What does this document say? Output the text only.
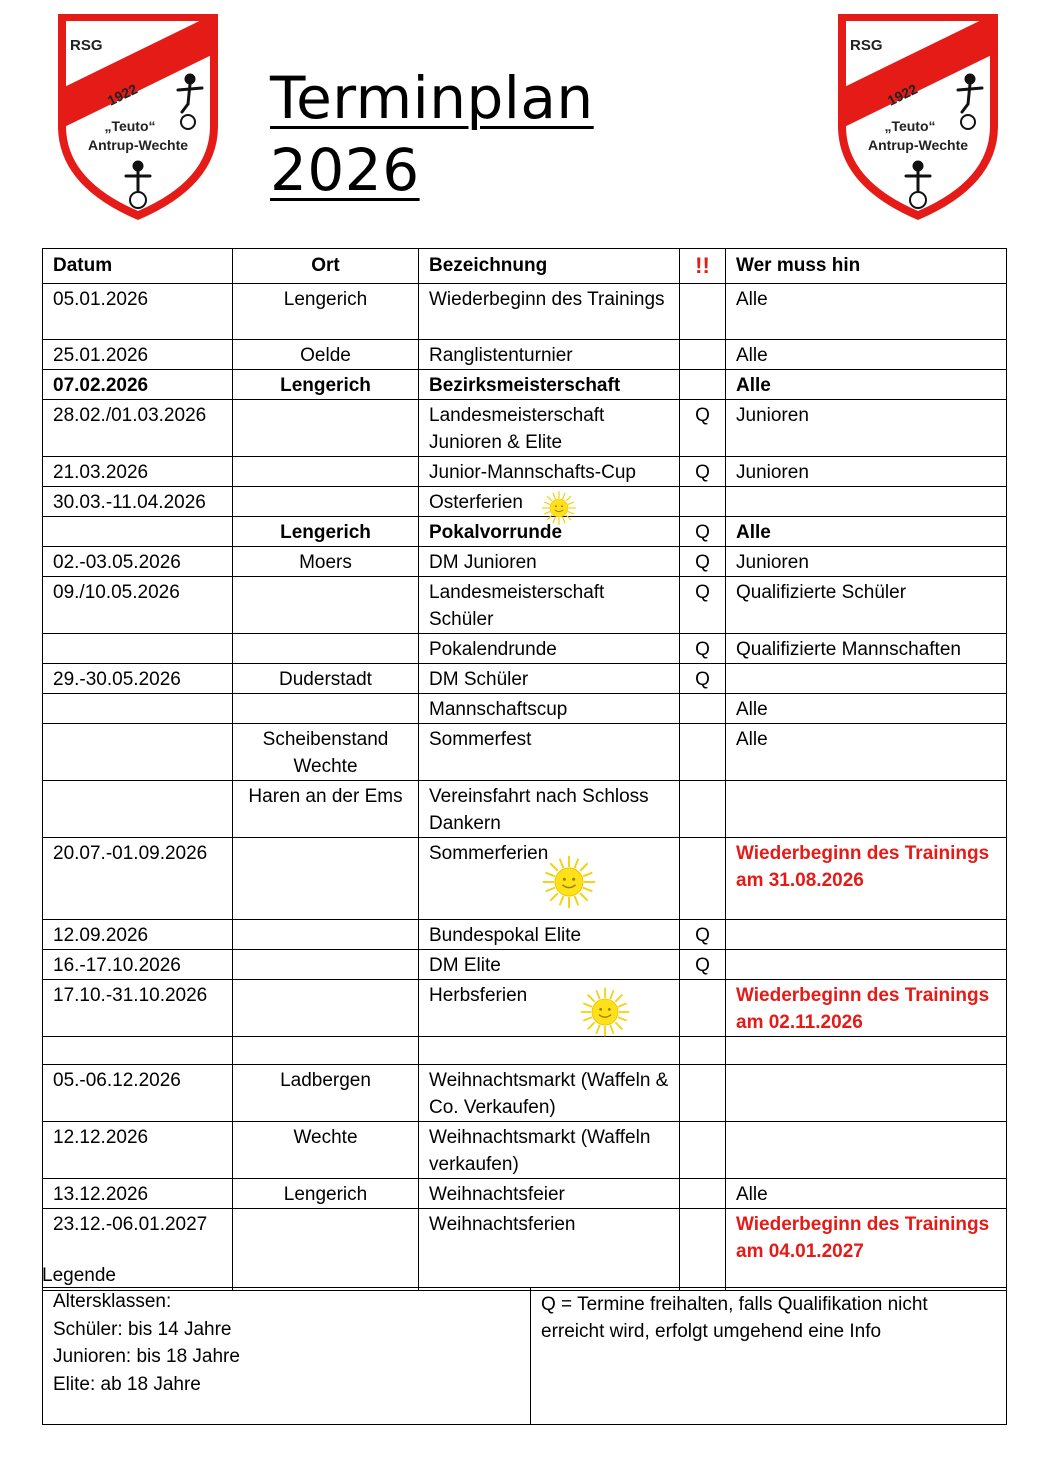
RSG
1922
„Teuto“
Antrup-Wechte
RSG
1922
„Teuto“
Antrup-Wechte
Terminplan 2026
Datum	Ort	Bezeichnung	!!	Wer muss hin
05.01.2026	Lengerich	Wiederbeginn des Trainings		Alle
25.01.2026	Oelde	Ranglistenturnier		Alle
07.02.2026	Lengerich	Bezirksmeisterschaft		Alle
28.02./01.03.2026		Landesmeisterschaft Junioren & Elite	Q	Junioren
21.03.2026		Junior-Mannschafts-Cup	Q	Junioren
30.03.-11.04.2026		Osterferien

	Lengerich	Pokalvorrunde	Q	Alle
02.-03.05.2026	Moers	DM Junioren	Q	Junioren
09./10.05.2026		Landesmeisterschaft Schüler	Q	Qualifizierte Schüler
		Pokalendrunde	Q	Qualifizierte Mannschaften
29.-30.05.2026	Duderstadt	DM Schüler	Q	
		Mannschaftscup		Alle
	Scheibenstand Wechte	Sommerfest		Alle
	Haren an der Ems	Vereinsfahrt nach Schloss Dankern		
20.07.-01.09.2026		Sommerferien		Wiederbeginn des Trainings am 31.08.2026
12.09.2026		Bundespokal Elite	Q	
16.-17.10.2026		DM Elite	Q	
17.10.-31.10.2026		Herbsferien		Wiederbeginn des Trainings am 02.11.2026

05.-06.12.2026	Ladbergen	Weihnachtsmarkt (Waffeln & Co. Verkaufen)		
12.12.2026	Wechte	Weihnachtsmarkt (Waffeln verkaufen)		
13.12.2026	Lengerich	Weihnachtsfeier		Alle
23.12.-06.01.2027		Weihnachtsferien		Wiederbeginn des Trainings am 04.01.2027
Legende
Altersklassen:
Schüler: bis 14 Jahre
Junioren: bis 18 Jahre
Elite: ab 18 Jahre
	Q = Termine freihalten, falls Qualifikation nicht erreicht wird, erfolgt umgehend eine Info
